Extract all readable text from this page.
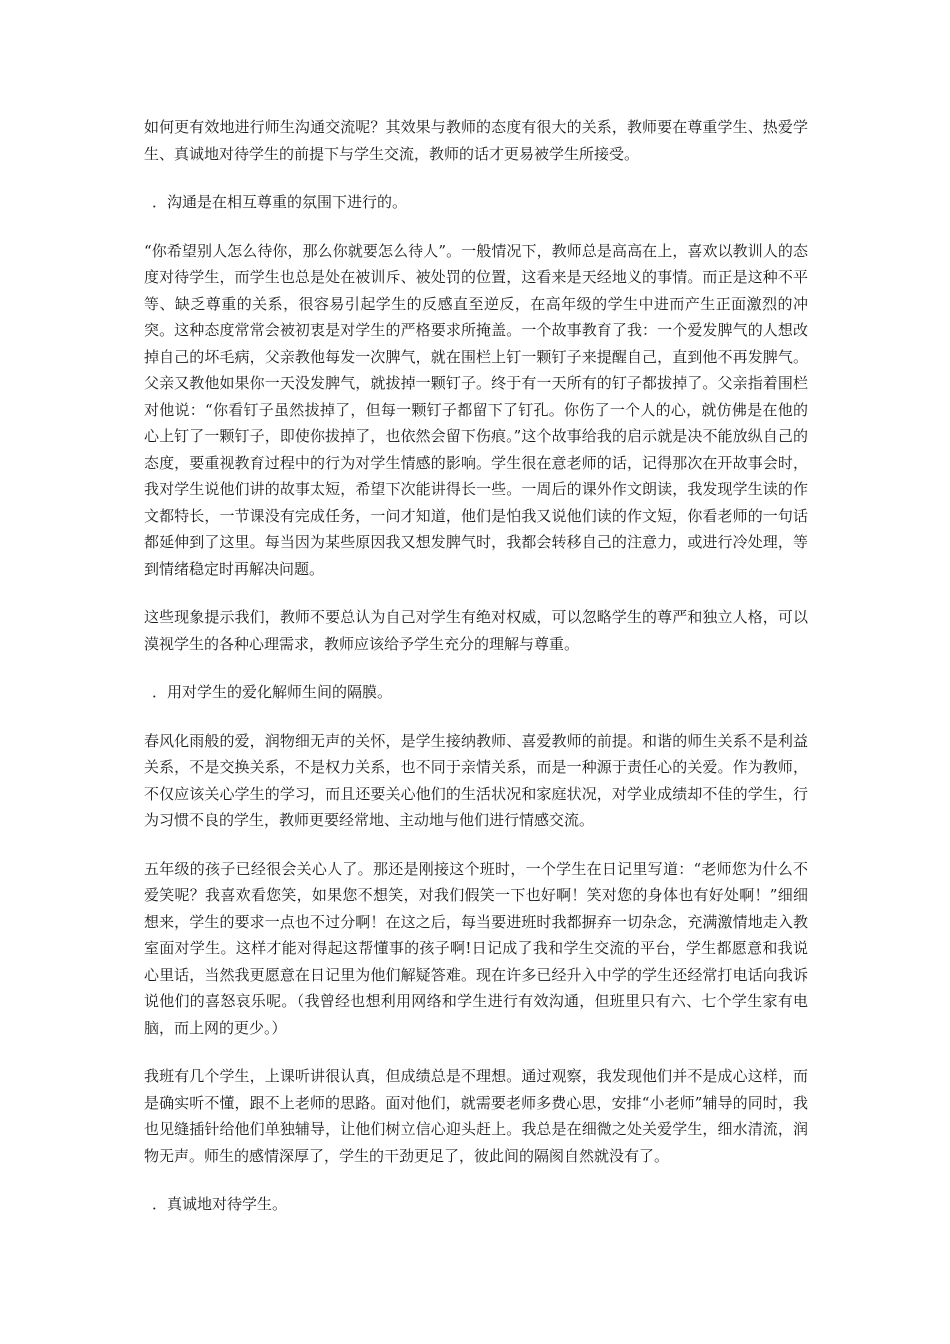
如何更有效地进行师生沟通交流呢？其效果与教师的态度有很大的关系，教师要在尊重学生、热爱学生、真诚地对待学生的前提下与学生交流，教师的话才更易被学生所接受。

．沟通是在相互尊重的氛围下进行的。

“你希望别人怎么待你，那么你就要怎么待人”。一般情况下，教师总是高高在上，喜欢以教训人的态度对待学生，而学生也总是处在被训斥、被处罚的位置，这看来是天经地义的事情。而正是这种不平等、缺乏尊重的关系，很容易引起学生的反感直至逆反，在高年级的学生中进而产生正面激烈的冲突。这种态度常常会被初衷是对学生的严格要求所掩盖。一个故事教育了我：一个爱发脾气的人想改掉自己的坏毛病，父亲教他每发一次脾气，就在围栏上钉一颗钉子来提醒自己，直到他不再发脾气。父亲又教他如果你一天没发脾气，就拔掉一颗钉子。终于有一天所有的钉子都拔掉了。父亲指着围栏对他说：“你看钉子虽然拔掉了，但每一颗钉子都留下了钉孔。你伤了一个人的心，就仿佛是在他的心上钉了一颗钉子，即使你拔掉了，也依然会留下伤痕。”这个故事给我的启示就是决不能放纵自己的态度，要重视教育过程中的行为对学生情感的影响。学生很在意老师的话，记得那次在开故事会时，我对学生说他们讲的故事太短，希望下次能讲得长一些。一周后的课外作文朗读，我发现学生读的作文都特长，一节课没有完成任务，一问才知道，他们是怕我又说他们读的作文短，你看老师的一句话都延伸到了这里。每当因为某些原因我又想发脾气时，我都会转移自己的注意力，或进行冷处理，等到情绪稳定时再解决问题。

这些现象提示我们，教师不要总认为自己对学生有绝对权威，可以忽略学生的尊严和独立人格，可以漠视学生的各种心理需求，教师应该给予学生充分的理解与尊重。

．用对学生的爱化解师生间的隔膜。

春风化雨般的爱，润物细无声的关怀，是学生接纳教师、喜爱教师的前提。和谐的师生关系不是利益关系，不是交换关系，不是权力关系，也不同于亲情关系，而是一种源于责任心的关爱。作为教师，不仅应该关心学生的学习，而且还要关心他们的生活状况和家庭状况，对学业成绩却不佳的学生，行为习惯不良的学生，教师更要经常地、主动地与他们进行情感交流。

五年级的孩子已经很会关心人了。那还是刚接这个班时，一个学生在日记里写道：“老师您为什么不爱笑呢？我喜欢看您笑，如果您不想笑，对我们假笑一下也好啊！笑对您的身体也有好处啊！”细细想来，学生的要求一点也不过分啊！在这之后，每当要进班时我都摒弃一切杂念，充满激情地走入教室面对学生。这样才能对得起这帮懂事的孩子啊!日记成了我和学生交流的平台，学生都愿意和我说心里话，当然我更愿意在日记里为他们解疑答难。现在许多已经升入中学的学生还经常打电话向我诉说他们的喜怒哀乐呢。（我曾经也想利用网络和学生进行有效沟通，但班里只有六、七个学生家有电脑，而上网的更少。）

我班有几个学生，上课听讲很认真，但成绩总是不理想。通过观察，我发现他们并不是成心这样，而是确实听不懂，跟不上老师的思路。面对他们，就需要老师多费心思，安排“小老师”辅导的同时，我也见缝插针给他们单独辅导，让他们树立信心迎头赶上。我总是在细微之处关爱学生，细水清流，润物无声。师生的感情深厚了，学生的干劲更足了，彼此间的隔阂自然就没有了。

．真诚地对待学生。
